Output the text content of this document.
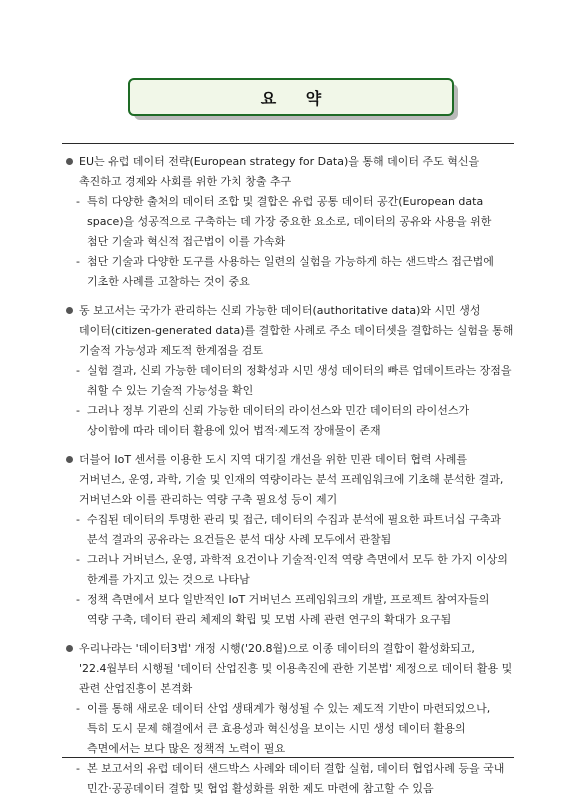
요 약
EU는 유럽 데이터 전략(European strategy for Data)을 통해 데이터 주도 혁신을 촉진하고 경제와 사회를 위한 가치 창출 추구
- 특히 다양한 출처의 데이터 조합 및 결합은 유럽 공통 데이터 공간(European data space)을 성공적으로 구축하는 데 가장 중요한 요소로, 데이터의 공유와 사용을 위한 첨단 기술과 혁신적 접근법이 이를 가속화
- 첨단 기술과 다양한 도구를 사용하는 일련의 실험을 가능하게 하는 샌드박스 접근법에 기초한 사례를 고찰하는 것이 중요
동 보고서는 국가가 관리하는 신뢰 가능한 데이터(authoritative data)와 시민 생성 데이터(citizen-generated data)를 결합한 사례로 주소 데이터셋을 결합하는 실험을 통해 기술적 가능성과 제도적 한계점을 검토
- 실험 결과, 신뢰 가능한 데이터의 정확성과 시민 생성 데이터의 빠른 업데이트라는 장점을 취할 수 있는 기술적 가능성을 확인
- 그러나 정부 기관의 신뢰 가능한 데이터의 라이선스와 민간 데이터의 라이선스가 상이함에 따라 데이터 활용에 있어 법적·제도적 장애물이 존재
더블어 IoT 센서를 이용한 도시 지역 대기질 개선을 위한 민관 데이터 협력 사례를 거버넌스, 운영, 과학, 기술 및 인재의 역량이라는 분석 프레임워크에 기초해 분석한 결과, 거버넌스와 이를 관리하는 역량 구축 필요성 등이 제기
- 수집된 데이터의 투명한 관리 및 접근, 데이터의 수집과 분석에 필요한 파트너십 구축과 분석 결과의 공유라는 요건들은 분석 대상 사례 모두에서 관찰됨
- 그러나 거버넌스, 운영, 과학적 요건이나 기술적·인적 역량 측면에서 모두 한 가지 이상의 한계를 가지고 있는 것으로 나타남
- 정책 측면에서 보다 일반적인 IoT 거버넌스 프레임워크의 개발, 프로젝트 참여자들의 역량 구축, 데이터 관리 체제의 확립 및 모범 사례 관련 연구의 확대가 요구됨
우리나라는 '데이터3법' 개정 시행('20.8월)으로 이종 데이터의 결합이 활성화되고, '22.4월부터 시행될 '데이터 산업진흥 및 이용촉진에 관한 기본법' 제정으로 데이터 활용 및 관련 산업진흥이 본격화
- 이를 통해 새로운 데이터 산업 생태계가 형성될 수 있는 제도적 기반이 마련되었으나, 특히 도시 문제 해결에서 큰 효용성과 혁신성을 보이는 시민 생성 데이터 활용의 측면에서는 보다 많은 정책적 노력이 필요
- 본 보고서의 유럽 데이터 샌드박스 사례와 데이터 결합 실험, 데이터 협업사례 등을 국내 민간·공공데이터 결합 및 협업 활성화를 위한 제도 마련에 참고할 수 있음
